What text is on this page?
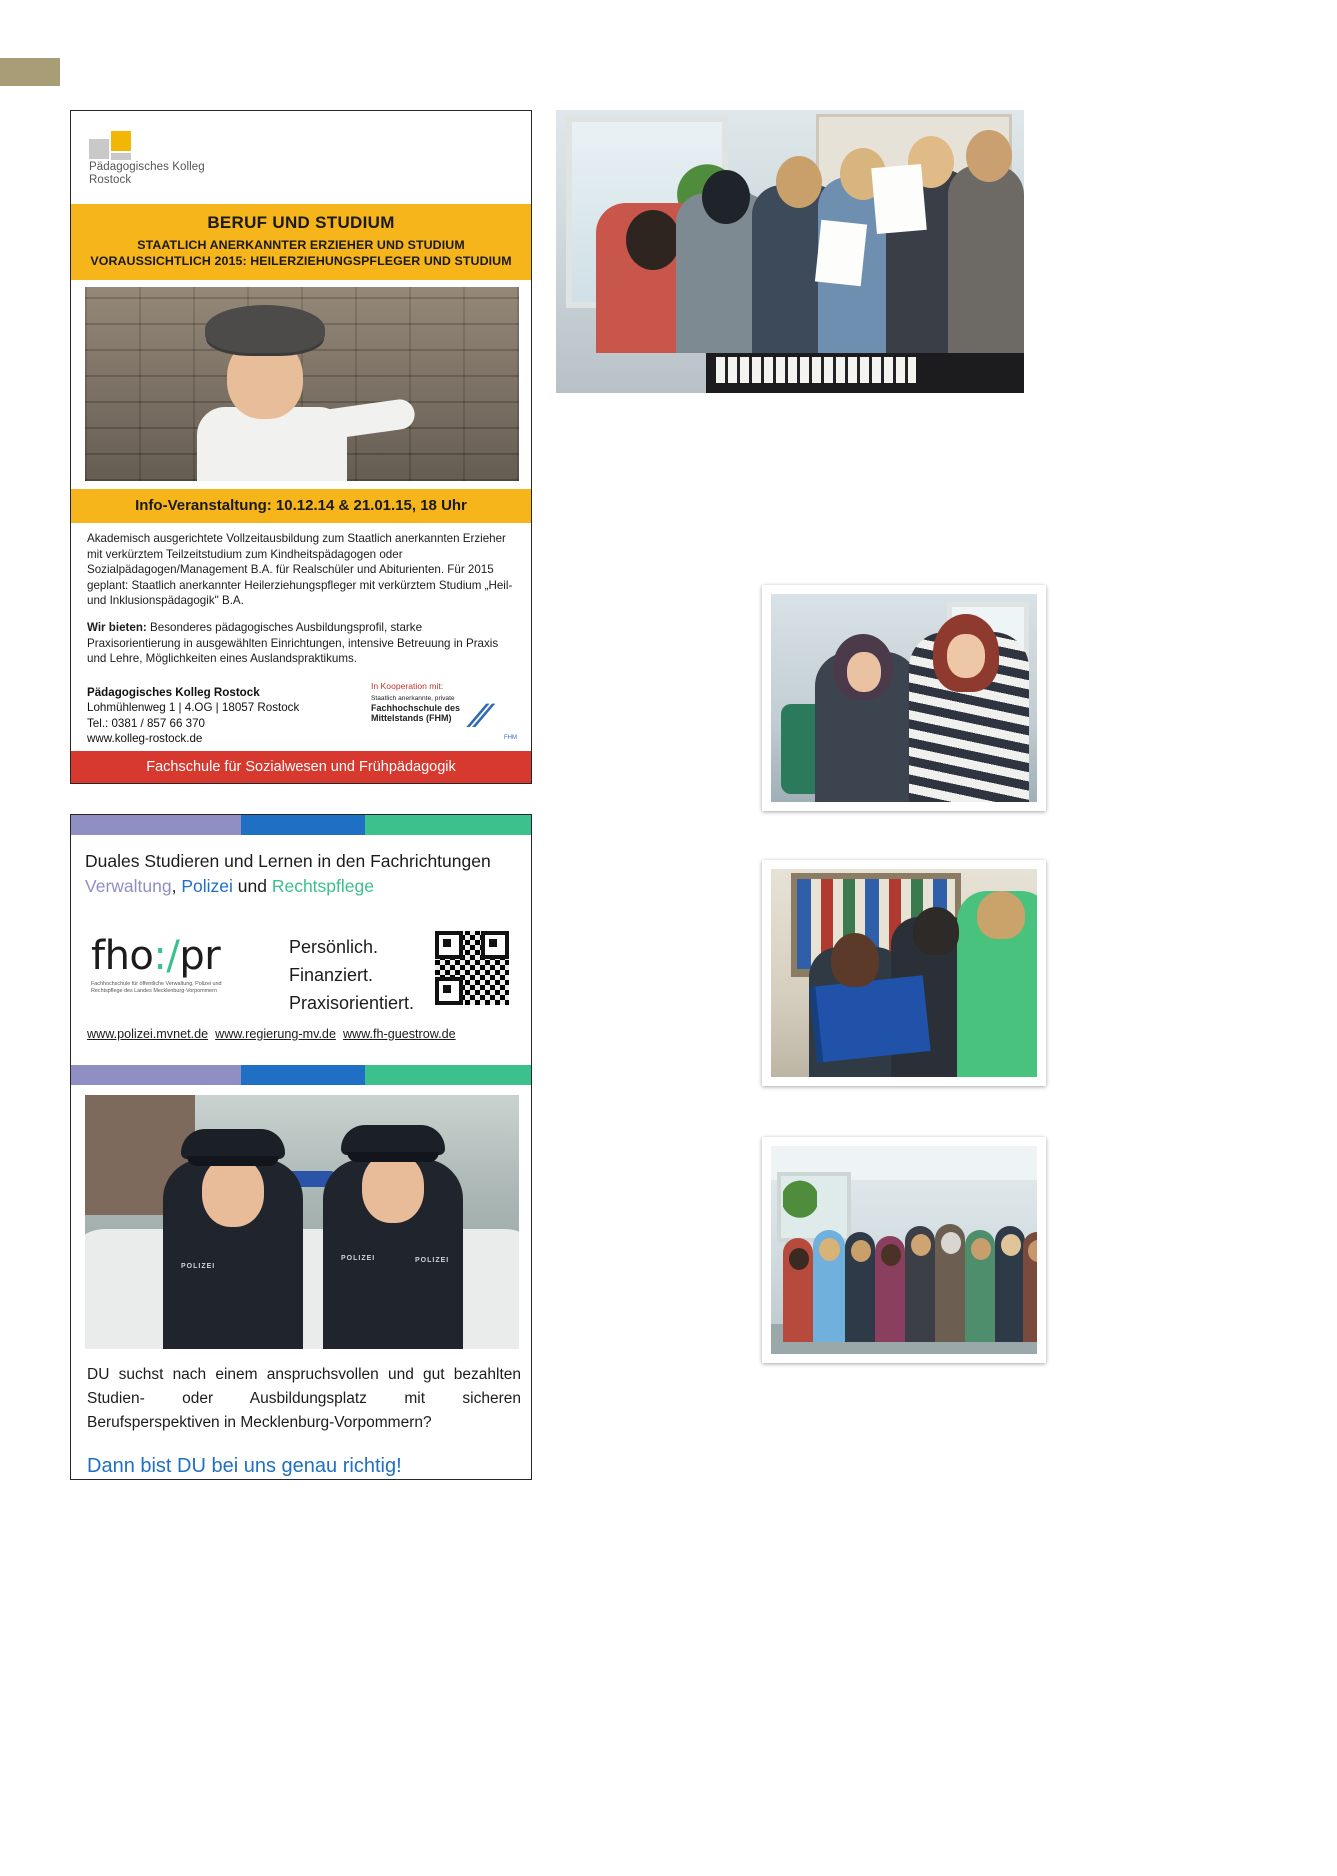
Pädagogisches Kolleg
Rostock
BERUF UND STUDIUM
STAATLICH ANERKANNTER ERZIEHER UND STUDIUM
VORAUSSICHTLICH 2015: HEILERZIEHUNGSPFLEGER UND STUDIUM
Info-Veranstaltung: 10.12.14 & 21.01.15, 18 Uhr

Akademisch ausgerichtete Vollzeitausbildung zum Staatlich anerkannten Erzieher mit verkürztem Teilzeitstudium zum Kindheitspädagogen oder Sozialpädagogen/Management B.A. für Realschüler und Abiturienten. Für 2015 geplant: Staatlich anerkannter Heilerziehungspfleger mit verkürztem Studium „Heil- und Inklusionspädagogik" B.A.

Wir bieten: Besonderes pädagogisches Ausbildungsprofil, starke Praxisorientierung in ausgewählten Einrichtungen, intensive Betreuung in Praxis und Lehre, Möglichkeiten eines Auslandspraktikums.

Pädagogisches Kolleg Rostock
Lohmühlenweg 1 | 4.OG | 18057 Rostock
Tel.: 0381 / 857 66 370
www.kolleg-rostock.de
In Kooperation mit:
Staatlich anerkannte, private
Fachhochschule des
Mittelstands (FHM) ⁄⁄
FHM
Fachschule für Sozialwesen und Frühpädagogik
Duales Studieren und Lernen in den Fachrichtungen
Verwaltung, Polizei und Rechtspflege
fho:/pr
Fachhochschule für öffentliche Verwaltung, Polizei und Rechtspflege des Landes Mecklenburg-Vorpommern
Persönlich.
Finanziert.
Praxisorientiert.
www.polizei.mvnet.de www.regierung-mv.de www.fh-guestrow.de
POLIZEI
POLIZEI	POLIZEI
DU suchst nach einem anspruchsvollen und gut bezahlten Studien- oder Ausbildungsplatz mit sicheren Berufsperspektiven in Mecklenburg-Vorpommern?
Dann bist DU bei uns genau richtig!
